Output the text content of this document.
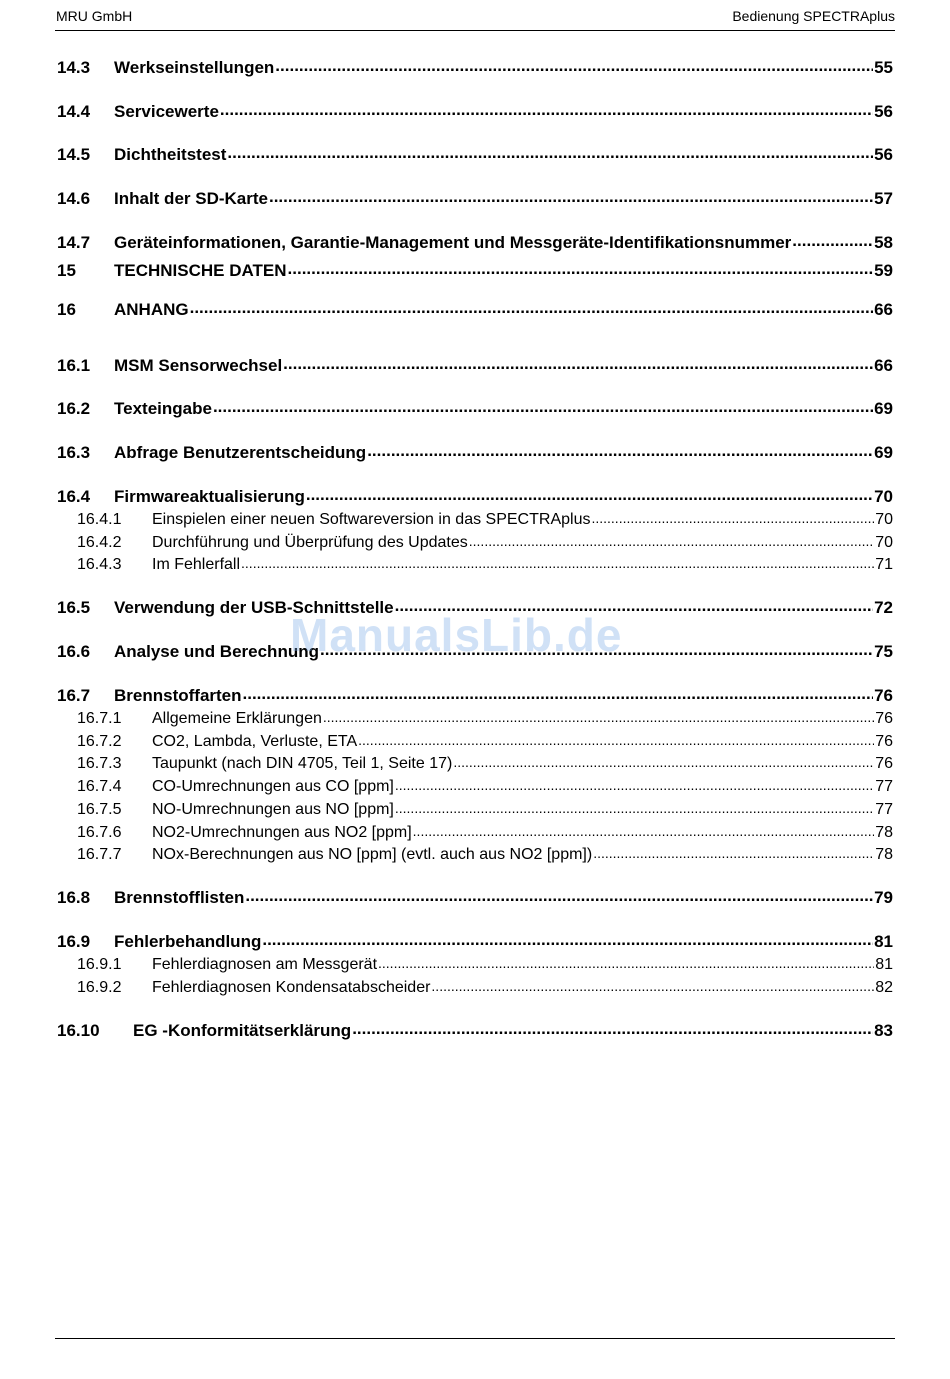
MRU GmbH	Bedienung SPECTRAplus
14.3	Werkseinstellungen .....	55
14.4	Servicewerte .....	56
14.5	Dichtheitstest .....	56
14.6	Inhalt der SD-Karte .....	57
14.7	Geräteinformationen, Garantie-Management und Messgeräte-Identifikationsnummer .....	58
15	TECHNISCHE DATEN .....	59
16	ANHANG .....	66
16.1	MSM Sensorwechsel .....	66
16.2	Texteingabe .....	69
16.3	Abfrage Benutzerentscheidung .....	69
16.4	Firmwareaktualisierung .....	70
16.4.1	Einspielen einer neuen Softwareversion in das SPECTRAplus .....	70
16.4.2	Durchführung und Überprüfung des Updates .....	70
16.4.3	Im Fehlerfall .....	71
16.5	Verwendung der USB-Schnittstelle .....	72
16.6	Analyse und Berechnung .....	75
16.7	Brennstoffarten .....	76
16.7.1	Allgemeine Erklärungen .....	76
16.7.2	CO2, Lambda, Verluste, ETA .....	76
16.7.3	Taupunkt (nach DIN 4705, Teil 1, Seite 17) .....	76
16.7.4	CO-Umrechnungen aus CO [ppm] .....	77
16.7.5	NO-Umrechnungen aus NO [ppm] .....	77
16.7.6	NO2-Umrechnungen aus NO2 [ppm] .....	78
16.7.7	NOx-Berechnungen aus NO [ppm] (evtl. auch aus NO2 [ppm]) .....	78
16.8	Brennstofflisten .....	79
16.9	Fehlerbehandlung .....	81
16.9.1	Fehlerdiagnosen am Messgerät .....	81
16.9.2	Fehlerdiagnosen Kondensatabscheider .....	82
16.10	EG -Konformitätserklärung .....	83
ManualsLib.de
